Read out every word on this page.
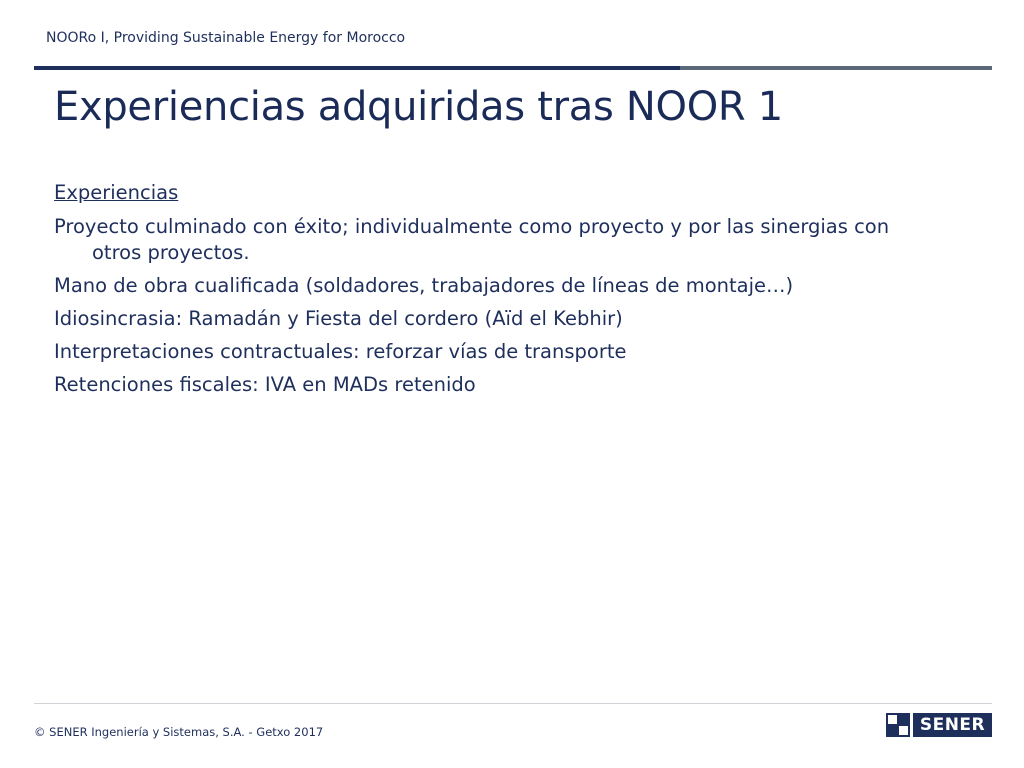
NOORo I, Providing Sustainable Energy for Morocco
Experiencias adquiridas tras NOOR 1
Experiencias
Proyecto culminado con éxito; individualmente como proyecto y por las sinergias con otros proyectos.
Mano de obra cualificada (soldadores, trabajadores de líneas de montaje…)
Idiosincrasia: Ramadán y Fiesta del cordero (Aïd el Kebhir)
Interpretaciones contractuales: reforzar vías de transporte
Retenciones fiscales: IVA en MADs retenido
© SENER Ingeniería y Sistemas, S.A. - Getxo 2017	SENER
